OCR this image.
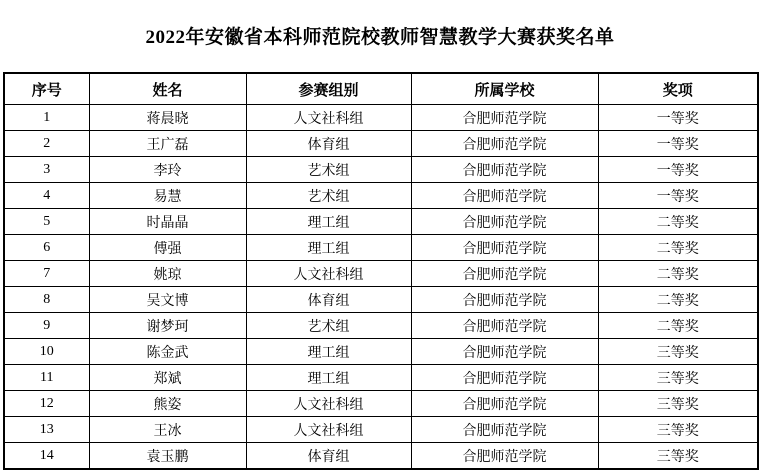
2022年安徽省本科师范院校教师智慧教学大赛获奖名单
序号	姓名	参赛组别	所属学校	奖项
1	蒋晨晓	人文社科组	合肥师范学院	一等奖
2	王广磊	体育组	合肥师范学院	一等奖
3	李玲	艺术组	合肥师范学院	一等奖
4	易慧	艺术组	合肥师范学院	一等奖
5	时晶晶	理工组	合肥师范学院	二等奖
6	傅强	理工组	合肥师范学院	二等奖
7	姚琼	人文社科组	合肥师范学院	二等奖
8	吴文博	体育组	合肥师范学院	二等奖
9	谢梦珂	艺术组	合肥师范学院	二等奖
10	陈金武	理工组	合肥师范学院	三等奖
11	郑斌	理工组	合肥师范学院	三等奖
12	熊姿	人文社科组	合肥师范学院	三等奖
13	王冰	人文社科组	合肥师范学院	三等奖
14	袁玉鹏	体育组	合肥师范学院	三等奖
